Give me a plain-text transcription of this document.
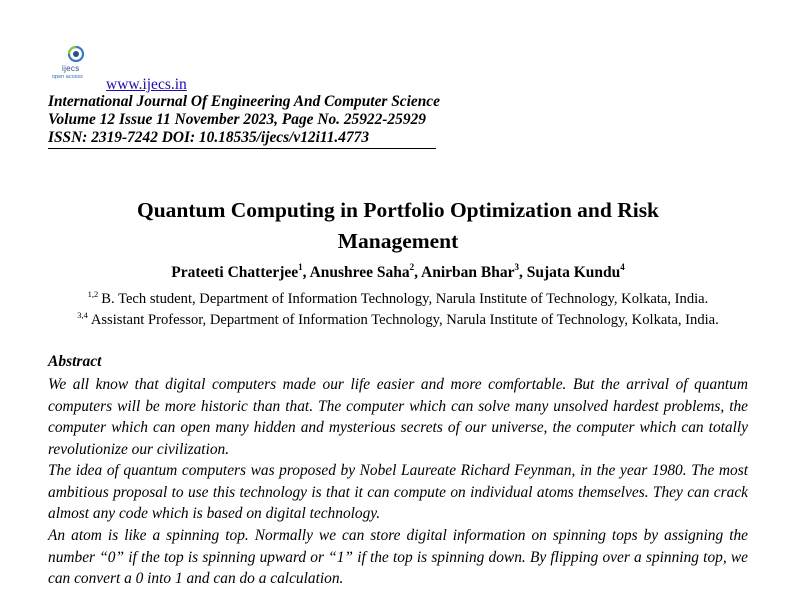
ijecs
open access www.ijecs.in
International Journal Of Engineering And Computer Science
Volume 12 Issue 11 November 2023, Page No. 25922-25929
ISSN: 2319-7242 DOI: 10.18535/ijecs/v12i11.4773
Quantum Computing in Portfolio Optimization and Risk
Management
Prateeti Chatterjee$^1$, Anushree Saha$^2$, Anirban Bhar$^3$, Sujata Kundu$^4$
$^{1,2}$ B. Tech student, Department of Information Technology, Narula Institute of Technology, Kolkata, India.
$^{3,4}$ Assistant Professor, Department of Information Technology, Narula Institute of Technology, Kolkata, India.
Abstract

We all know that digital computers made our life easier and more comfortable. But the arrival of quantum computers will be more historic than that. The computer which can solve many unsolved hardest problems, the computer which can open many hidden and mysterious secrets of our universe, the computer which can totally revolutionize our civilization.

The idea of quantum computers was proposed by Nobel Laureate Richard Feynman, in the year 1980. The most ambitious proposal to use this technology is that it can compute on individual atoms themselves. They can crack almost any code which is based on digital technology.

An atom is like a spinning top. Normally we can store digital information on spinning tops by assigning the number “0” if the top is spinning upward or “1” if the top is spinning down. By flipping over a spinning top, we can convert a 0 into 1 and can do a calculation.
